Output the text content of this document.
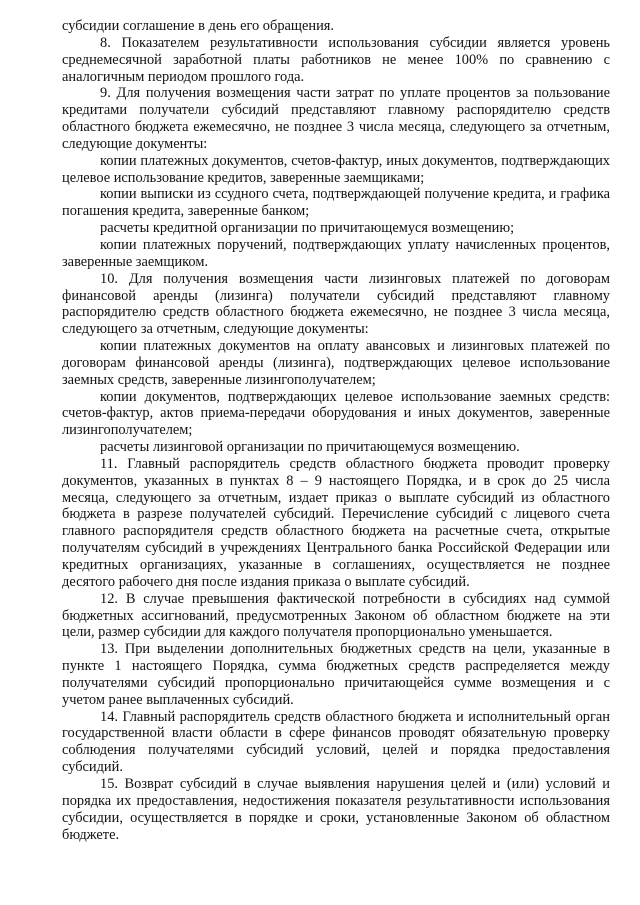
субсидии соглашение в день его обращения.

8. Показателем результативности использования субсидии является уровень среднемесячной заработной платы работников не менее 100% по сравнению с аналогичным периодом прошлого года.

9. Для получения возмещения части затрат по уплате процентов за пользование кредитами получатели субсидий представляют главному распорядителю средств областного бюджета ежемесячно, не позднее 3 числа месяца, следующего за отчетным, следующие документы:

копии платежных документов, счетов-фактур, иных документов, подтверждающих целевое использование кредитов, заверенные заемщиками;

копии выписки из ссудного счета, подтверждающей получение кредита, и графика погашения кредита, заверенные банком;

расчеты кредитной организации по причитающемуся возмещению;

копии платежных поручений, подтверждающих уплату начисленных процентов, заверенные заемщиком.

10. Для получения возмещения части лизинговых платежей по договорам финансовой аренды (лизинга) получатели субсидий представляют главному распорядителю средств областного бюджета ежемесячно, не позднее 3 числа месяца, следующего за отчетным, следующие документы:

копии платежных документов на оплату авансовых и лизинговых платежей по договорам финансовой аренды (лизинга), подтверждающих целевое использование заемных средств, заверенные лизингополучателем;

копии документов, подтверждающих целевое использование заемных средств: счетов-фактур, актов приема-передачи оборудования и иных документов, заверенные лизингополучателем;

расчеты лизинговой организации по причитающемуся возмещению.

11. Главный распорядитель средств областного бюджета проводит проверку документов, указанных в пунктах 8 – 9 настоящего Порядка, и в срок до 25 числа месяца, следующего за отчетным, издает приказ о выплате субсидий из областного бюджета в разрезе получателей субсидий. Перечисление субсидий с лицевого счета главного распорядителя средств областного бюджета на расчетные счета, открытые получателям субсидий в учреждениях Центрального банка Российской Федерации или кредитных организациях, указанные в соглашениях, осуществляется не позднее десятого рабочего дня после издания приказа о выплате субсидий.

12. В случае превышения фактической потребности в субсидиях над суммой бюджетных ассигнований, предусмотренных Законом об областном бюджете на эти цели, размер субсидии для каждого получателя пропорционально уменьшается.

13. При выделении дополнительных бюджетных средств на цели, указанные в пункте 1 настоящего Порядка, сумма бюджетных средств распределяется между получателями субсидий пропорционально причитающейся сумме возмещения и с учетом ранее выплаченных субсидий.

14. Главный распорядитель средств областного бюджета и исполнительный орган государственной власти области в сфере финансов проводят обязательную проверку соблюдения получателями субсидий условий, целей и порядка предоставления субсидий.

15. Возврат субсидий в случае выявления нарушения целей и (или) условий и порядка их предоставления, недостижения показателя результативности использования субсидии, осуществляется в порядке и сроки, установленные Законом об областном бюджете.
